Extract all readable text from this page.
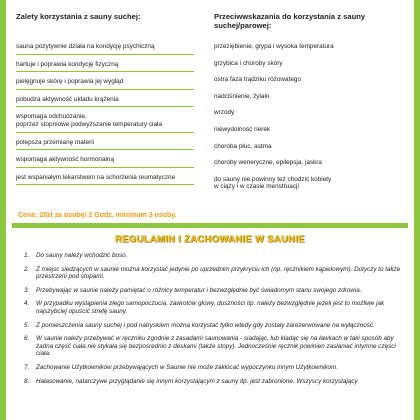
Zalety korzystania z sauny suchej:
sauna pozytywnie działa na kondycję psychiczną
hartuje i poprawia kondycję fizyczną
pielęgnuje skórę i poprawia jej wygląd
pobudza aktywność układu krążenia
wspomaga odchudzanie,
poprzez stopniowe podwyższanie temperatury ciała
polepsza przemianę materii
wspomaga aktywność hormonalną
jest wspaniałym lekarstwem na schorzenia reumatyczne
Przeciwwskazania do korzystania z sauny suchej/parowej:
przeziębienie, grypa i wysoka temperatura
grzybica i choroby skóry
ostra faza trądziku różowatego
nadciśnienie, żylaki
wrzody
niewydolność nerek
choroba płuc, astma
choroby weneryczne, epilepsja, jaskra
do sauny nie powinny też chodzić kobiety
w ciąży i w czasie menstruacji
Cena: 20zł za osobę/ 2 Godz. minimum 3 osoby.
REGULAMIN I ZACHOWANIE W SAUNIE
1.	Do sauny należy wchodzić boso.
2.	Z miejsc siedzących w saunie można korzystać jedynie po uprzednim przykryciu ich (np. ręcznikiem kąpielowym). Dotyczy to także przestrzeni pod stopami.
3.	Przebywając w saunie należy pamiętać o różnicy temperatur i bezwzględnie być świadomym stanu swojego zdrowia.
4.	W przypadku wystąpienia złego samopoczucia, zawrotów głowy, duszności itp. należy bezwzględnie jeżeli jest to możliwe jak najszybciej opuścić strefę sauny.
5.	Z pomieszczenia sauny suchej i pod natryskiem można korzystać tylko wtedy gdy zostały zarezerwowane na wyłączność.
6.	W saunie należy przebywać w ręczniku zgodnie z zasadami saunowania - siadając, lub kładąc się na ławkach w taki sposób aby żadna część ciała nie stykała się bezpośrednio z deskami (także stopy). Jednocześnie ręcznik powinien zasłaniać intymne części ciała.
7.	Zachowanie Użytkowników przebywających w Saunie nie może zakłócać wypoczynku innym Użytkownikom.
8.	Hałasowanie, natarczywe przyglądanie się innym korzystającym z sauny itp. jest zabronione. Wszyscy korzystający
